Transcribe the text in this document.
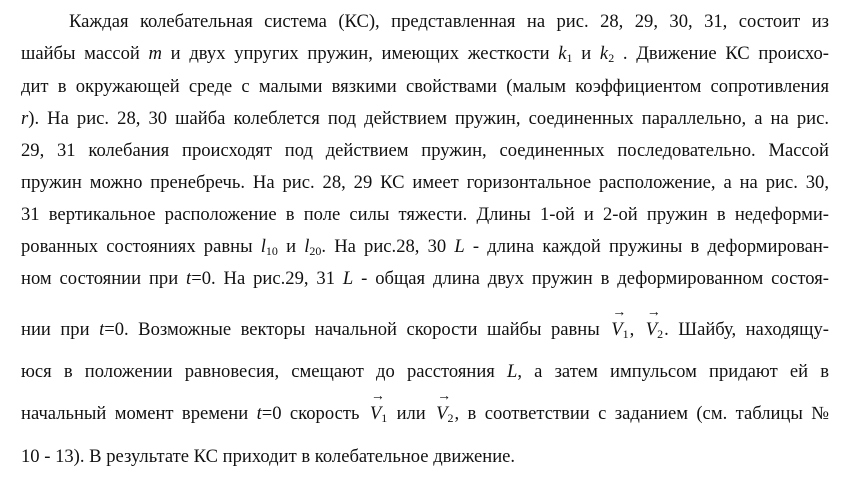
Каждая колебательная система (КС), представленная на рис. 28, 29, 30, 31, состоит из
шайбы массой m и двух упругих пружин, имеющих жесткости $k_1$ и $k_2$ . Движение КС происхо-
дит в окружающей среде с малыми вязкими свойствами (малым коэффициентом сопротивления
r). На рис. 28, 30 шайба колеблется под действием пружин, соединенных параллельно, а на рис.
29, 31 колебания происходят под действием пружин, соединенных последовательно. Массой
пружин можно пренебречь. На рис. 28, 29 КС имеет горизонтальное расположение, а на рис. 30,
31 вертикальное расположение в поле силы тяжести. Длины 1-ой и 2-ой пружин в недеформи-
рованных состояниях равны $l_{10}$ и $l_{20}$. На рис.28, 30 L - длина каждой пружины в деформирован-
ном состоянии при t=0. На рис.29, 31 L - общая длина двух пружин в деформированном состоя-
нии при t=0. Возможные векторы начальной скорости шайбы равны
→
$V_1$,
→
$V_2$. Шайбу, находящу-
юся в положении равновесия, смещают до расстояния L, а затем импульсом придают ей в
начальный момент времени t=0 скорость
→
$V_1$ или
→
$V_2$, в соответствии с заданием (см. таблицы №
10 - 13). В результате КС приходит в колебательное движение.
